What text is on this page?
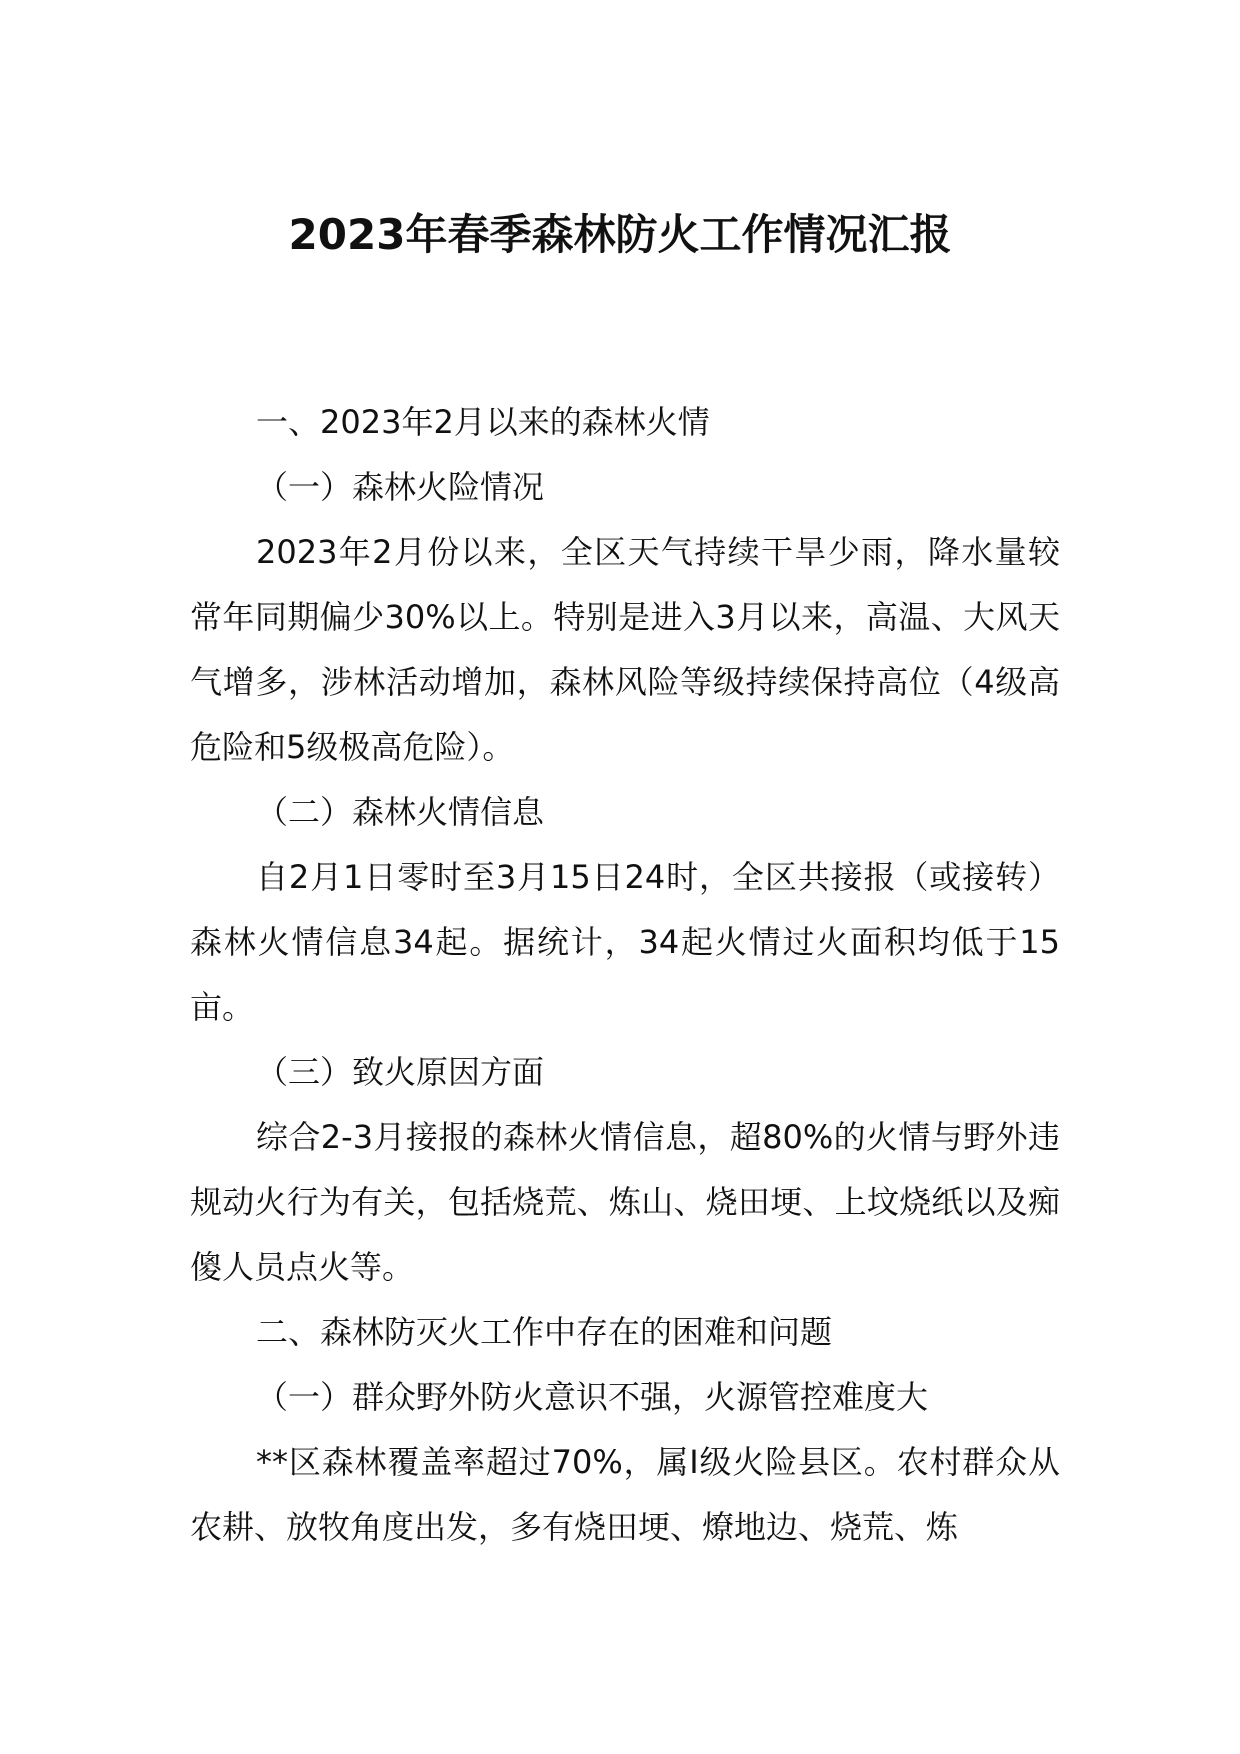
2023年春季森林防火工作情况汇报

一、2023年2月以来的森林火情

（一）森林火险情况

2023年2月份以来，全区天气持续干旱少雨，降水量较常年同期偏少30%以上。特别是进入3月以来，高温、大风天气增多，涉林活动增加，森林风险等级持续保持高位（4级高危险和5级极高危险）。

（二）森林火情信息

自2月1日零时至3月15日24时，全区共接报（或接转）森林火情信息34起。据统计，34起火情过火面积均低于15亩。

（三）致火原因方面

综合2-3月接报的森林火情信息，超80%的火情与野外违规动火行为有关，包括烧荒、炼山、烧田埂、上坟烧纸以及痴傻人员点火等。

二、森林防灭火工作中存在的困难和问题

（一）群众野外防火意识不强，火源管控难度大

**区森林覆盖率超过70%，属I级火险县区。农村群众从农耕、放牧角度出发，多有烧田埂、燎地边、烧荒、炼
